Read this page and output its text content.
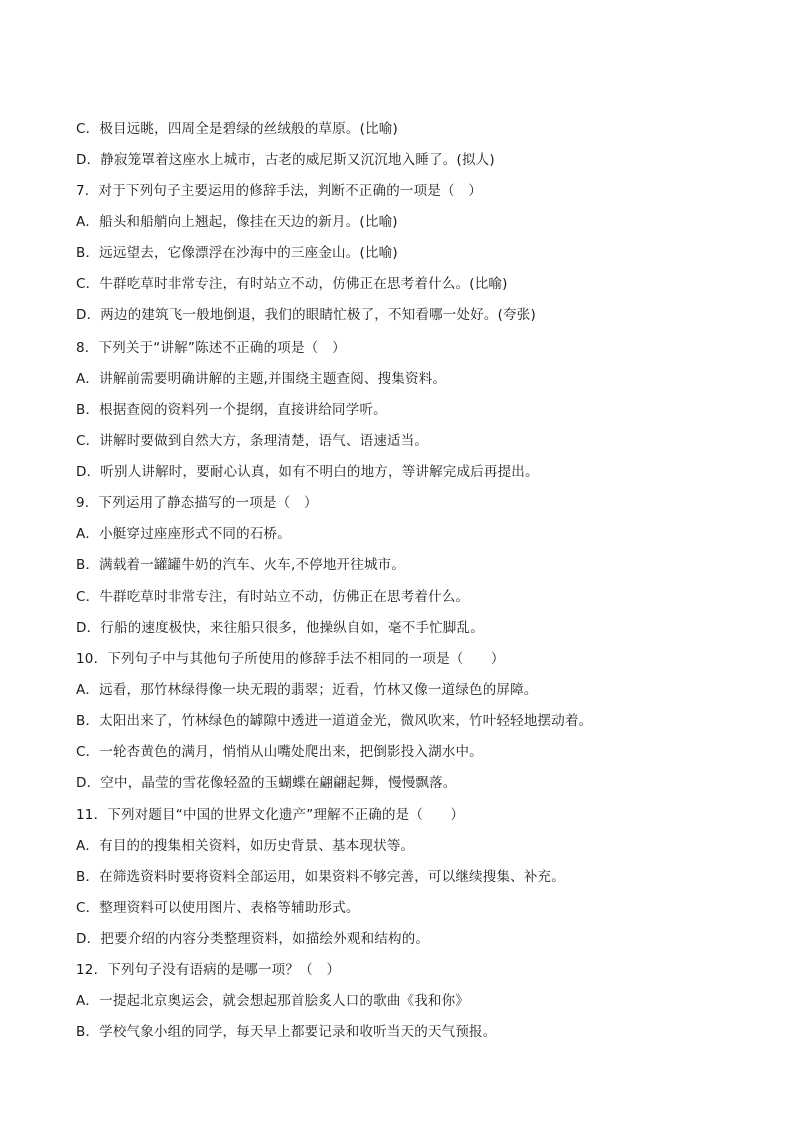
C．极目远眺，四周全是碧绿的丝绒般的草原。(比喻)
D．静寂笼罩着这座水上城市，古老的威尼斯又沉沉地入睡了。(拟人)
7．对于下列句子主要运用的修辞手法，判断不正确的一项是（　）
A．船头和船艄向上翘起，像挂在天边的新月。(比喻)
B．远远望去，它像漂浮在沙海中的三座金山。(比喻)
C．牛群吃草时非常专注，有时站立不动，仿佛正在思考着什么。(比喻)
D．两边的建筑飞一般地倒退，我们的眼睛忙极了，不知看哪一处好。(夸张)
8．下列关于“讲解”陈述不正确的项是（　）
A．讲解前需要明确讲解的主题,并围绕主题查阅、搜集资料。
B．根据查阅的资料列一个提纲，直接讲给同学听。
C．讲解时要做到自然大方，条理清楚，语气、语速适当。
D．听别人讲解时，要耐心认真，如有不明白的地方，等讲解完成后再提出。
9．下列运用了静态描写的一项是（　）
A．小艇穿过座座形式不同的石桥。
B．满载着一罐罐牛奶的汽车、火车,不停地开往城市。
C．牛群吃草时非常专注，有时站立不动，仿佛正在思考着什么。
D．行船的速度极快，来往船只很多，他操纵自如，毫不手忙脚乱。
10．下列句子中与其他句子所使用的修辞手法不相同的一项是（　　）
A．远看，那竹林绿得像一块无瑕的翡翠；近看，竹林又像一道绿色的屏障。
B．太阳出来了，竹林绿色的罅隙中透进一道道金光，微风吹来，竹叶轻轻地摆动着。
C．一轮杏黄色的满月，悄悄从山嘴处爬出来，把倒影投入湖水中。
D．空中，晶莹的雪花像轻盈的玉蝴蝶在翩翩起舞，慢慢飘落。
11．下列对题目“中国的世界文化遗产”理解不正确的是（　　）
A．有目的的搜集相关资料，如历史背景、基本现状等。
B．在筛选资料时要将资料全部运用，如果资料不够完善，可以继续搜集、补充。
C．整理资料可以使用图片、表格等辅助形式。
D．把要介绍的内容分类整理资料，如描绘外观和结构的。
12．下列句子没有语病的是哪一项？（　）
A．一提起北京奥运会，就会想起那首脍炙人口的歌曲《我和你》
B．学校气象小组的同学，每天早上都要记录和收听当天的天气预报。
